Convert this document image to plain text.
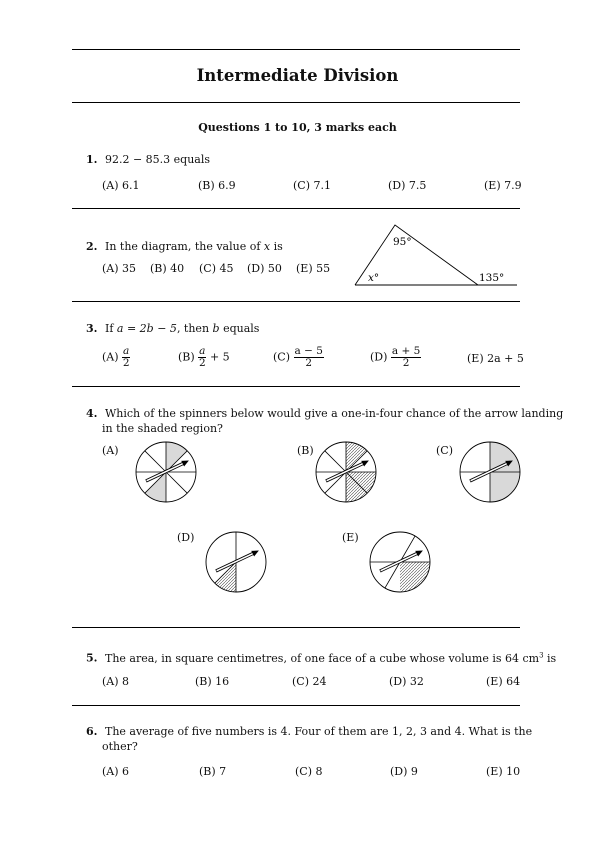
Intermediate Division
Questions 1 to 10, 3 marks each
1. 92.2 − 85.3 equals
(A) 6.1	(B) 6.9	(C) 7.1	(D) 7.5	(E) 7.9
2. In the diagram, the value of x is
(A) 35 (B) 40 (C) 45 (D) 50 (E) 55
95°
x°	135°
3. If a = 2b − 5, then b equals
$(A) \frac{a}{2}$	$(B) \frac{a}{2} + 5$	$(C) \frac{a - 5}{2}$	$(D) \frac{a + 5}{2}$	(E) 2a + 5
4. Which of the spinners below would give a one-in-four chance of the arrow landing
in the shaded region?
(A)	(B)	(C)
(D)	(E)
5. The area, in square centimetres, of one face of a cube whose volume is 64 $cm^3$ is
(A) 8	(B) 16	(C) 24	(D) 32	(E) 64
6. The average of five numbers is 4. Four of them are 1, 2, 3 and 4. What is the
other?
(A) 6	(B) 7	(C) 8	(D) 9	(E) 10
